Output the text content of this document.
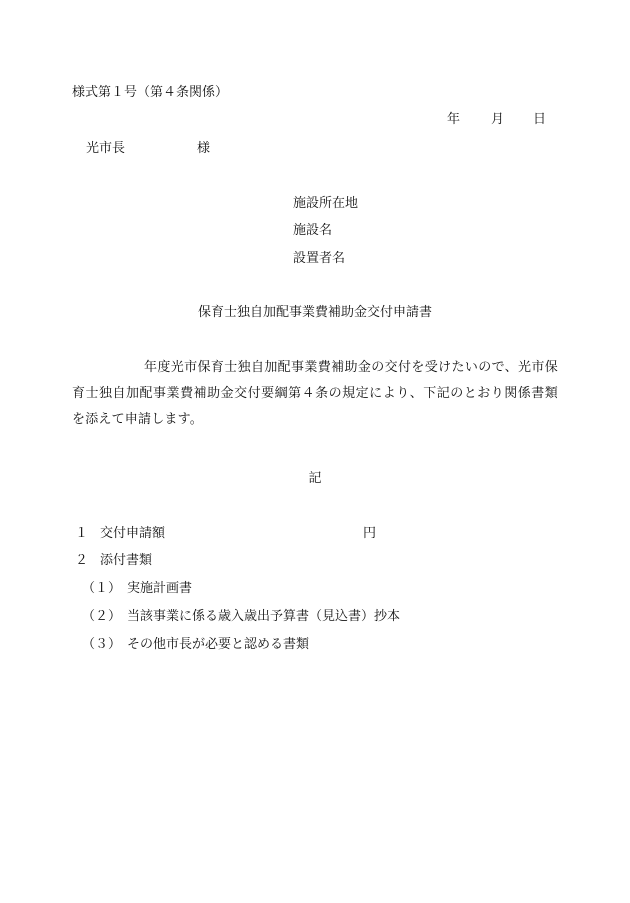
様式第１号（第４条関係）
年 月 日
光市長	様
施設所在地
施設名
設置者名
保育士独自加配事業費補助金交付申請書
年度光市保育士独自加配事業費補助金の交付を受けたいので、光市保育士独自加配事業費補助金交付要綱第４条の規定により、下記のとおり関係書類を添えて申請します。
記
１ 交付申請額	円
２ 添付書類
（１） 実施計画書
（２） 当該事業に係る歳入歳出予算書（見込書）抄本
（３） その他市長が必要と認める書類
